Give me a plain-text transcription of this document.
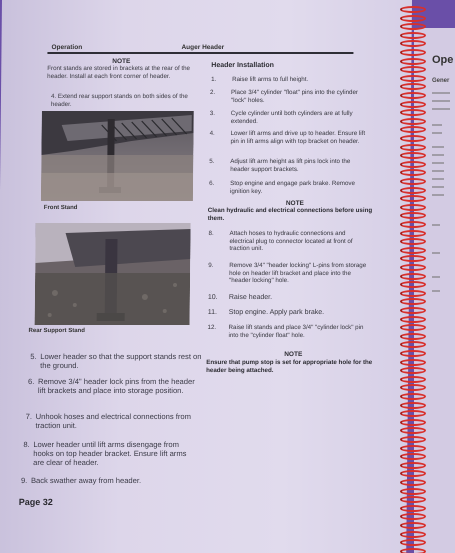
Operation	Auger Header
NOTE
Front stands are stored in brackets at the rear of the header. Install at each front corner of header.
4. Extend rear support stands on both sides of the header.
Front Stand
Rear Support Stand
5. Lower header so that the support stands rest on the ground.
6. Remove 3/4" header lock pins from the header lift brackets and place into storage position.
7. Unhook hoses and electrical connections from traction unit.
8. Lower header until lift arms disengage from hooks on top header bracket. Ensure lift arms are clear of header.
9. Back swather away from header.
Page 32
Header Installation
1.	Raise lift arms to full height.
2.	Place 3/4" cylinder "float" pins into the cylinder "lock" holes.
3.	Cycle cylinder until both cylinders are at fully extended.
4.	Lower lift arms and drive up to header. Ensure lift pin in lift arms align with top bracket on header.
5.	Adjust lift arm height as lift pins lock into the header support brackets.
6.	Stop engine and engage park brake. Remove ignition key.
NOTE
Clean hydraulic and electrical connections before using them.
8.	Attach hoses to hydraulic connections and electrical plug to connector located at front of traction unit.
9.	Remove 3/4" "header locking" L-pins from storage hole on header lift bracket and place into the "header locking" hole.
10. Raise header.
11. Stop engine. Apply park brake.
12. Raise lift stands and place 3/4" "cylinder lock" pin into the "cylinder float" hole.
NOTE
Ensure that pump stop is set for appropriate hole for the header being attached.
Ope
Gener
